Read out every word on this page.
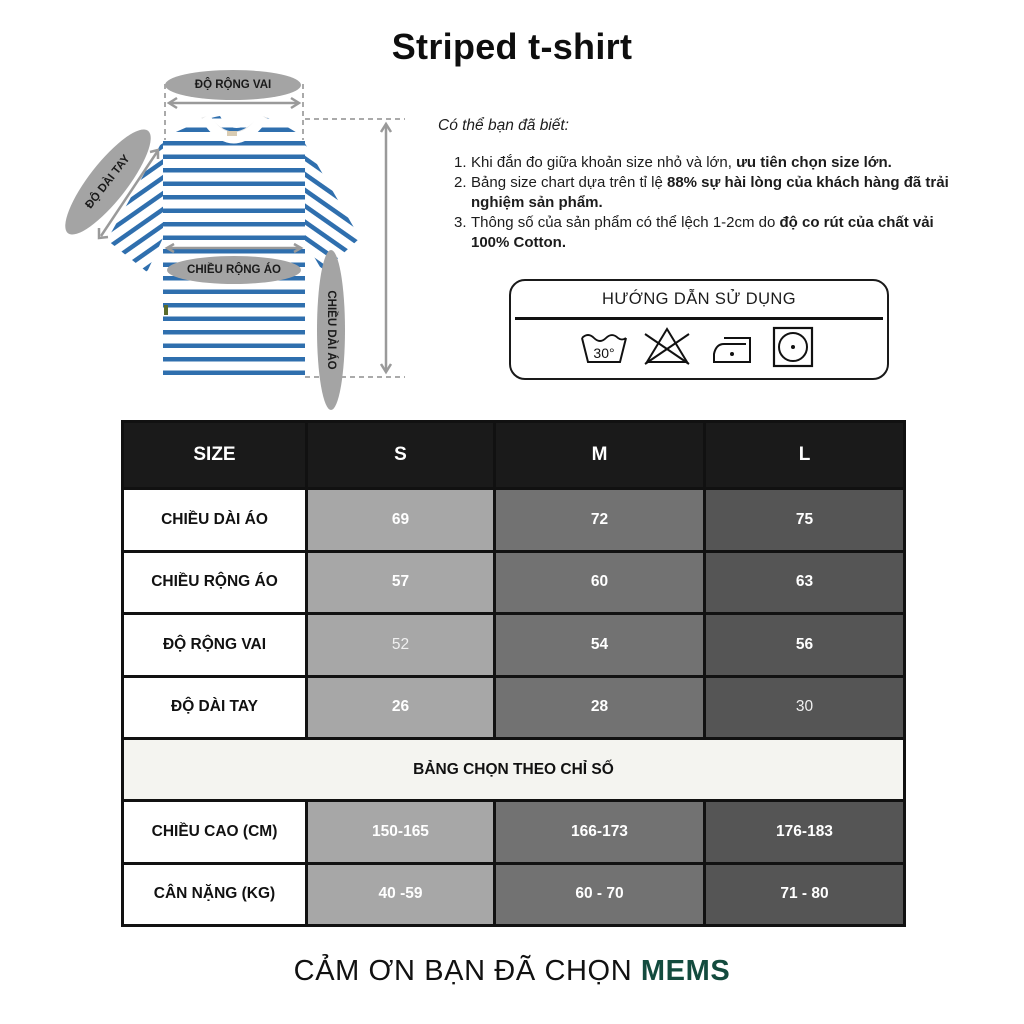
Striped t-shirt
ĐỘ RỘNG VAI
ĐỘ DÀI TAY
CHIỀU RỘNG ÁO
CHIỀU DÀI ÁO
Có thể bạn đã biết:
1. Khi đắn đo giữa khoản size nhỏ và lớn, ưu tiên chọn size lớn.
2. Bảng size chart dựa trên tỉ lệ 88% sự hài lòng của khách hàng đã trải nghiệm sản phẩm.
3. Thông số của sản phẩm có thể lệch 1-2cm do độ co rút của chất vải 100% Cotton.
HƯỚNG DẪN SỬ DỤNG
30°
SIZE	S	M	L
CHIỀU DÀI ÁO	69	72	75
CHIỀU RỘNG ÁO	57	60	63
ĐỘ RỘNG VAI	52	54	56
ĐỘ DÀI TAY	26	28	30
BẢNG CHỌN THEO CHỈ SỐ			
CHIỀU CAO (CM)	150-165	166-173	176-183
CÂN NẶNG (KG)	40 -59	60 - 70	71 - 80
CẢM ƠN BẠN ĐÃ CHỌN MEMS
